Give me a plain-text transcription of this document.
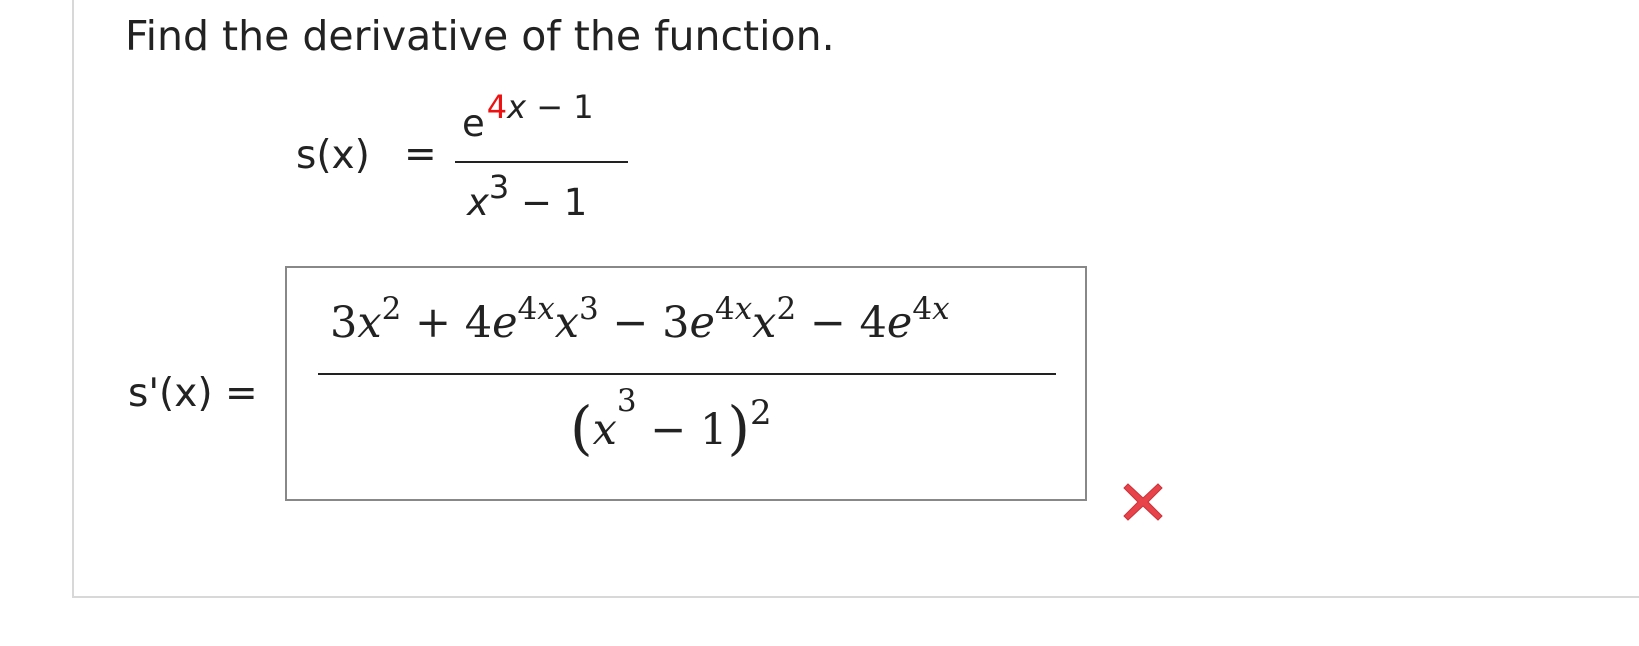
Find the derivative of the function.
s(x) =
e4x − 1
x3 − 1
s'(x) =
$3x^2 + 4e^{4x}x^3 - 3e^{4x}x^2 - 4e^{4x}$
$(x^3 - 1)^2$
